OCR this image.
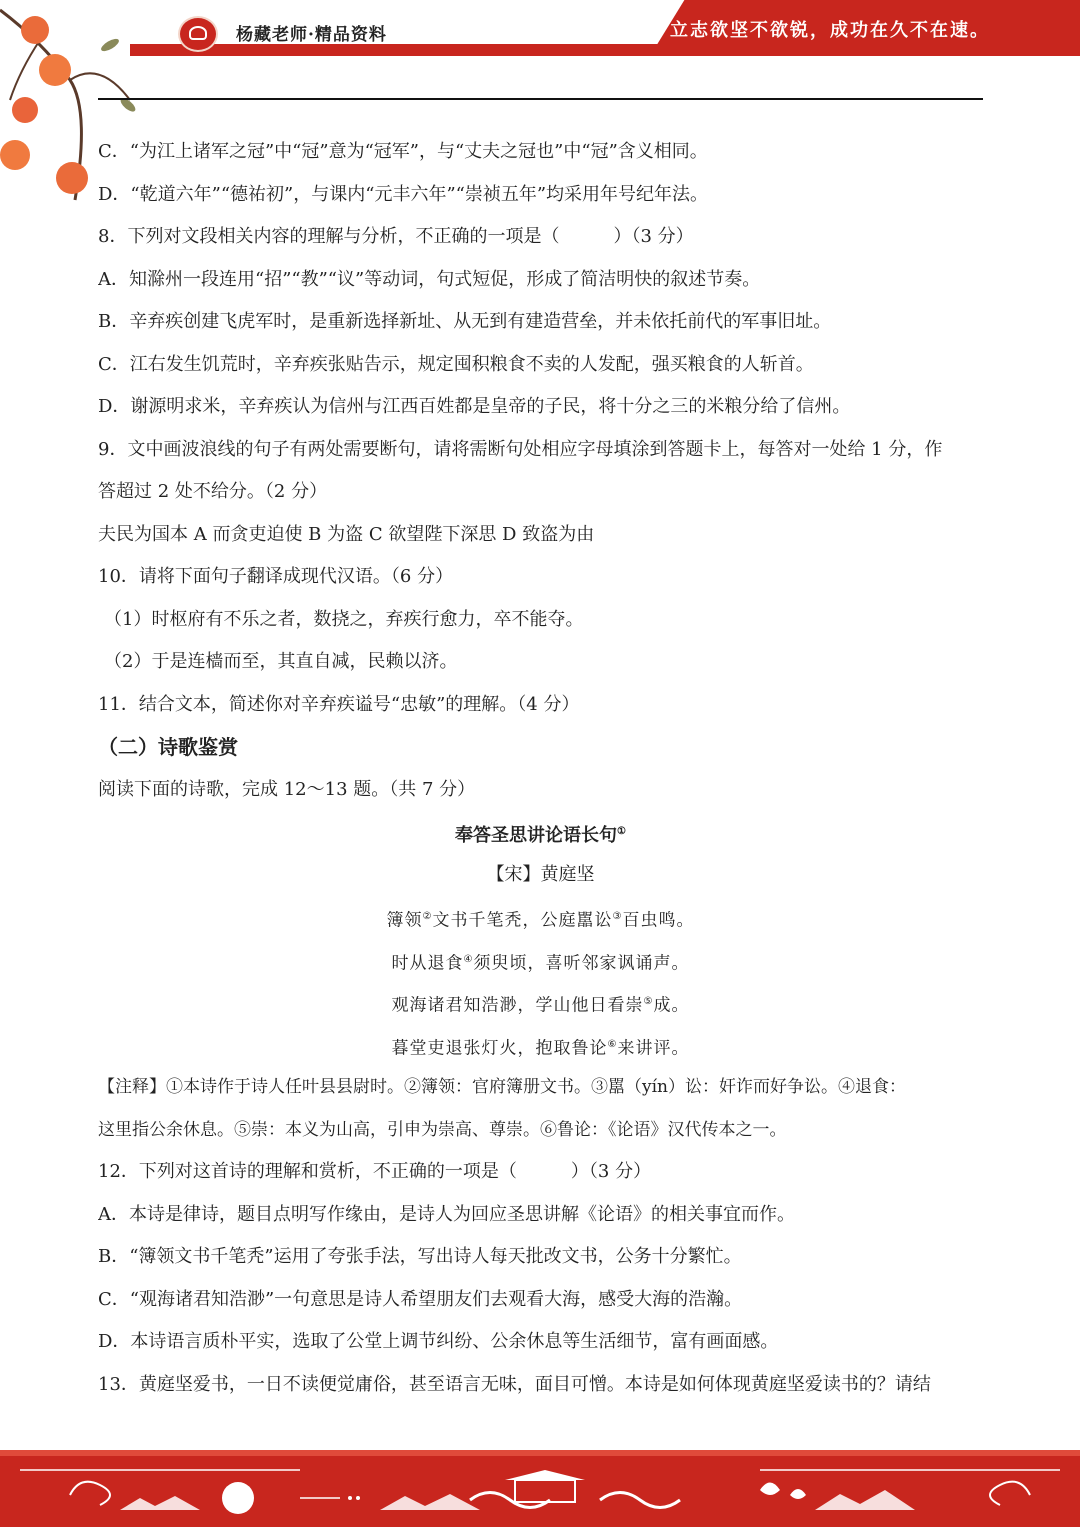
立志欲坚不欲锐，成功在久不在速。
杨藏老师·精品资料
C．“为江上诸军之冠”中“冠”意为“冠军”，与“丈夫之冠也”中“冠”含义相同。
D．“乾道六年”“德祐初”，与课内“元丰六年”“崇祯五年”均采用年号纪年法。
8．下列对文段相关内容的理解与分析，不正确的一项是（　　　）（3 分）
A．知滁州一段连用“招”“教”“议”等动词，句式短促，形成了简洁明快的叙述节奏。
B．辛弃疾创建飞虎军时，是重新选择新址、从无到有建造营垒，并未依托前代的军事旧址。
C．江右发生饥荒时，辛弃疾张贴告示，规定囤积粮食不卖的人发配，强买粮食的人斩首。
D．谢源明求米，辛弃疾认为信州与江西百姓都是皇帝的子民，将十分之三的米粮分给了信州。
9．文中画波浪线的句子有两处需要断句，请将需断句处相应字母填涂到答题卡上，每答对一处给 1 分，作
答超过 2 处不给分。（2 分）
夫民为国本 A 而贪吏迫使 B 为盗 C 欲望陛下深思 D 致盗为由
10．请将下面句子翻译成现代汉语。（6 分）
（1）时枢府有不乐之者，数挠之，弃疾行愈力，卒不能夺。
（2）于是连樯而至，其直自减，民赖以济。
11．结合文本，简述你对辛弃疾谥号“忠敏”的理解。（4 分）
（二）诗歌鉴赏
阅读下面的诗歌，完成 12～13 题。（共 7 分）
奉答圣思讲论语长句①
【宋】黄庭坚
簿领②文书千笔秃，公庭嚚讼③百虫鸣。
时从退食④须臾顷，喜听邻家讽诵声。
观海诸君知浩渺，学山他日看崇⑤成。
暮堂吏退张灯火，抱取鲁论⑥来讲评。
【注释】①本诗作于诗人任叶县县尉时。②簿领：官府簿册文书。③嚚（yín）讼：奸诈而好争讼。④退食：
这里指公余休息。⑤崇：本义为山高，引申为崇高、尊崇。⑥鲁论：《论语》汉代传本之一。
12．下列对这首诗的理解和赏析，不正确的一项是（　　　）（3 分）
A．本诗是律诗，题目点明写作缘由，是诗人为回应圣思讲解《论语》的相关事宜而作。
B．“簿领文书千笔秃”运用了夸张手法，写出诗人每天批改文书，公务十分繁忙。
C．“观海诸君知浩渺”一句意思是诗人希望朋友们去观看大海，感受大海的浩瀚。
D．本诗语言质朴平实，选取了公堂上调节纠纷、公余休息等生活细节，富有画面感。
13．黄庭坚爱书，一日不读便觉庸俗，甚至语言无味，面目可憎。本诗是如何体现黄庭坚爱读书的？请结
